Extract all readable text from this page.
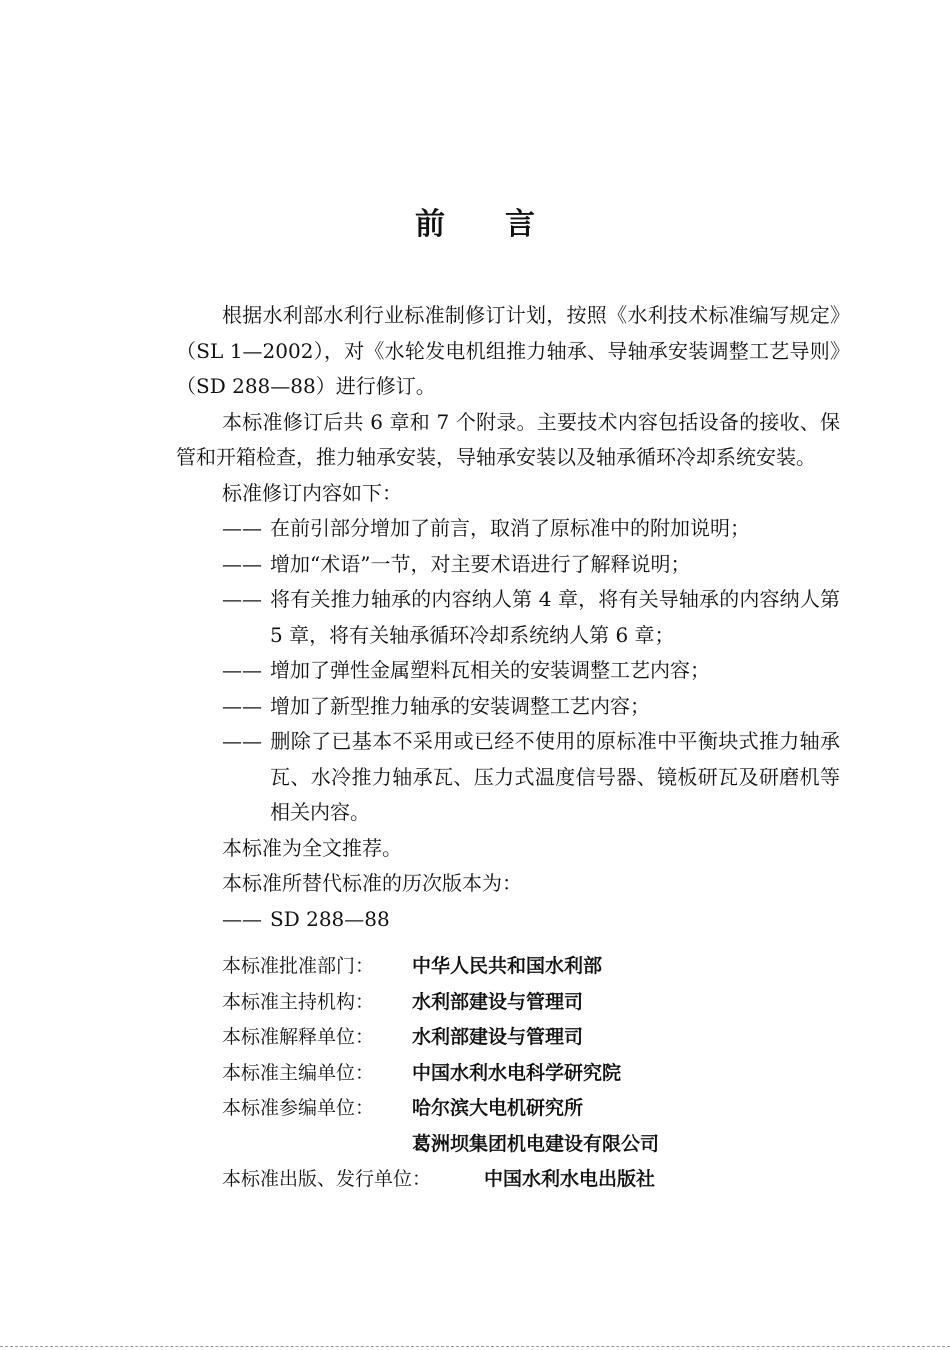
前言

根据水利部水利行业标准制修订计划，按照《水利技术标准编写规定》（SL 1—2002），对《水轮发电机组推力轴承、导轴承安装调整工艺导则》（SD 288—88）进行修订。

本标准修订后共 6 章和 7 个附录。主要技术内容包括设备的接收、保管和开箱检查，推力轴承安装，导轴承安装以及轴承循环冷却系统安装。

标准修订内容如下：

—— 在前引部分增加了前言，取消了原标准中的附加说明；

—— 增加“术语”一节，对主要术语进行了解释说明；

—— 将有关推力轴承的内容纳人第 4 章，将有关导轴承的内容纳人第 5 章，将有关轴承循环冷却系统纳人第 6 章；

—— 增加了弹性金属塑料瓦相关的安装调整工艺内容；

—— 增加了新型推力轴承的安装调整工艺内容；

—— 删除了已基本不采用或已经不使用的原标准中平衡块式推力轴承瓦、水冷推力轴承瓦、压力式温度信号器、镜板研瓦及研磨机等相关内容。

本标准为全文推荐。

本标准所替代标准的历次版本为：

—— SD 288—88

本标准批准部门： 中华人民共和国水利部

本标准主持机构： 水利部建设与管理司

本标准解释单位： 水利部建设与管理司

本标准主编单位： 中国水利水电科学研究院

本标准参编单位： 哈尔滨大电机研究所

葛洲坝集团机电建设有限公司

本标准出版、发行单位：	中国水利水电出版社
